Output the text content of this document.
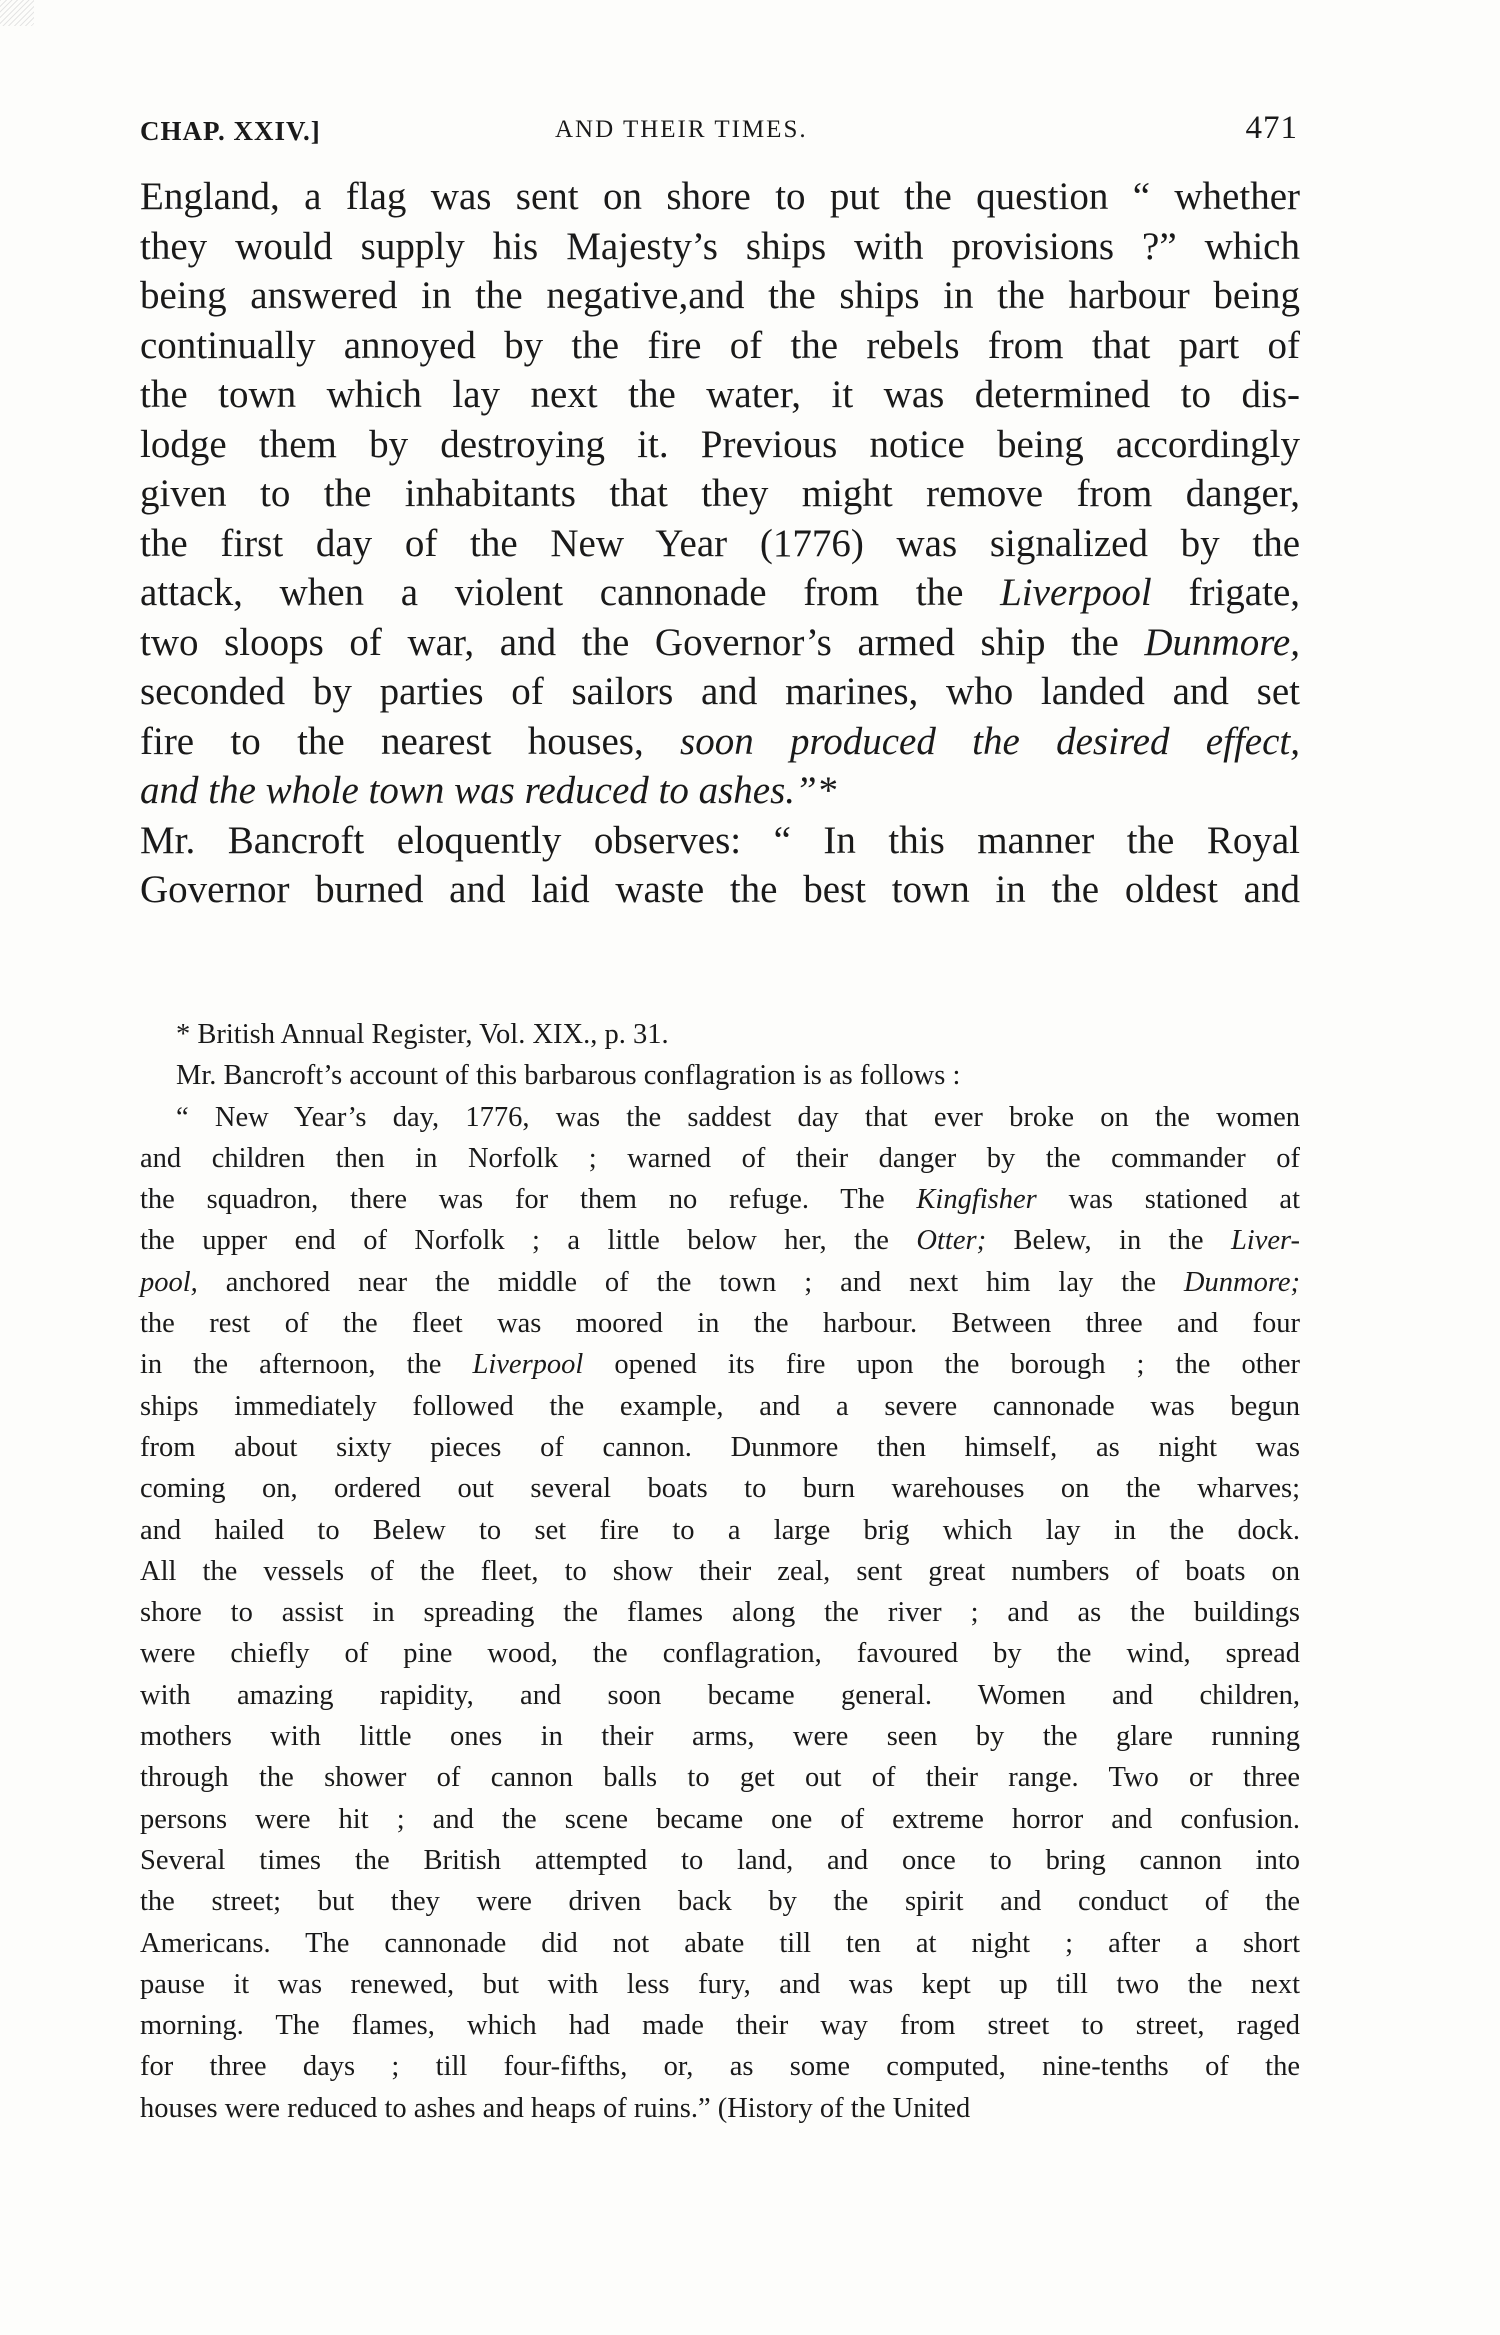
CHAP. XXIV.]	AND THEIR TIMES.	471
England, a flag was sent on shore to put the question “ whether
they would supply his Majesty’s ships with provisions ?” which
being answered in the negative,and the ships in the harbour being
continually annoyed by the fire of the rebels from that part of
the town which lay next the water, it was determined to dis-
lodge them by destroying it. Previous notice being accordingly
given to the inhabitants that they might remove from danger,
the first day of the New Year (1776) was signalized by the
attack, when a violent cannonade from the Liverpool frigate,
two sloops of war, and the Governor’s armed ship the Dunmore,
seconded by parties of sailors and marines, who landed and set
fire to the nearest houses, soon produced the desired effect,
and the whole town was reduced to ashes.”*
Mr. Bancroft eloquently observes: “ In this manner the Royal
Governor burned and laid waste the best town in the oldest and
* British Annual Register, Vol. XIX., p. 31.
Mr. Bancroft’s account of this barbarous conflagration is as follows :
“ New Year’s day, 1776, was the saddest day that ever broke on the women
and children then in Norfolk ; warned of their danger by the commander of
the squadron, there was for them no refuge. The Kingfisher was stationed at
the upper end of Norfolk ; a little below her, the Otter; Belew, in the Liver-
pool, anchored near the middle of the town ; and next him lay the Dunmore;
the rest of the fleet was moored in the harbour. Between three and four
in the afternoon, the Liverpool opened its fire upon the borough ; the other
ships immediately followed the example, and a severe cannonade was begun
from about sixty pieces of cannon. Dunmore then himself, as night was
coming on, ordered out several boats to burn warehouses on the wharves;
and hailed to Belew to set fire to a large brig which lay in the dock.
All the vessels of the fleet, to show their zeal, sent great numbers of boats on
shore to assist in spreading the flames along the river ; and as the buildings
were chiefly of pine wood, the conflagration, favoured by the wind, spread
with amazing rapidity, and soon became general. Women and children,
mothers with little ones in their arms, were seen by the glare running
through the shower of cannon balls to get out of their range. Two or three
persons were hit ; and the scene became one of extreme horror and confusion.
Several times the British attempted to land, and once to bring cannon into
the street; but they were driven back by the spirit and conduct of the
Americans. The cannonade did not abate till ten at night ; after a short
pause it was renewed, but with less fury, and was kept up till two the next
morning. The flames, which had made their way from street to street, raged
for three days ; till four-fifths, or, as some computed, nine-tenths of the
houses were reduced to ashes and heaps of ruins.” (History of the United
